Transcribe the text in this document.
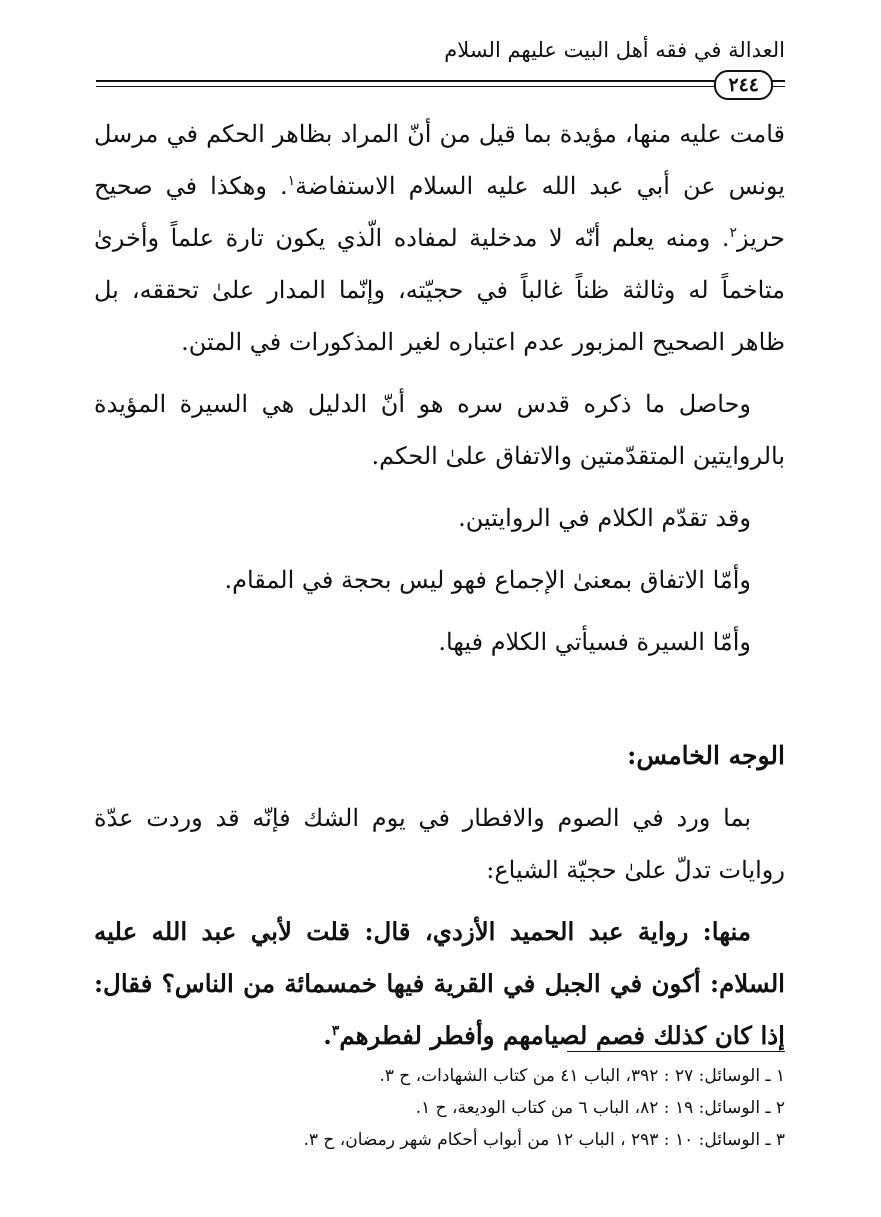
العدالة في فقه أهل البيت عليهم السلام
٢٤٤

قامت عليه منها، مؤيدة بما قيل من أنّ المراد بظاهر الحكم في مرسل يونس عن أبي عبد الله عليه السلام الاستفاضة$^١$. وهكذا في صحيح حريز$^٢$. ومنه يعلم أنّه لا مدخلية لمفاده الّذي يكون تارة علماً وأخرىٰ متاخماً له وثالثة ظناً غالباً في حجيّته، وإنّما المدار علىٰ تحققه، بل ظاهر الصحيح المزبور عدم اعتباره لغير المذكورات في المتن.

وحاصل ما ذكره قدس سره هو أنّ الدليل هي السيرة المؤيدة بالروايتين المتقدّمتين والاتفاق علىٰ الحكم.

وقد تقدّم الكلام في الروايتين.

وأمّا الاتفاق بمعنىٰ الإجماع فهو ليس بحجة في المقام.

وأمّا السيرة فسيأتي الكلام فيها.

الوجه الخامس:

بما ورد في الصوم والافطار في يوم الشك فإنّه قد وردت عدّة روايات تدلّ علىٰ حجيّة الشياع:

منها: رواية عبد الحميد الأزدي، قال: قلت لأبي عبد الله عليه السلام: أكون في الجبل في القرية فيها خمسمائة من الناس؟ فقال: إذا كان كذلك فصم لصيامهم وأفطر لفطرهم$^٣$.

١ ـ الوسائل: ٢٧ : ٣٩٢، الباب ٤١ من كتاب الشهادات، ح ٣.
٢ ـ الوسائل: ١٩ : ٨٢، الباب ٦ من كتاب الوديعة، ح ١.
٣ ـ الوسائل: ١٠ : ٢٩٣ ، الباب ١٢ من أبواب أحكام شهر رمضان، ح ٣.
